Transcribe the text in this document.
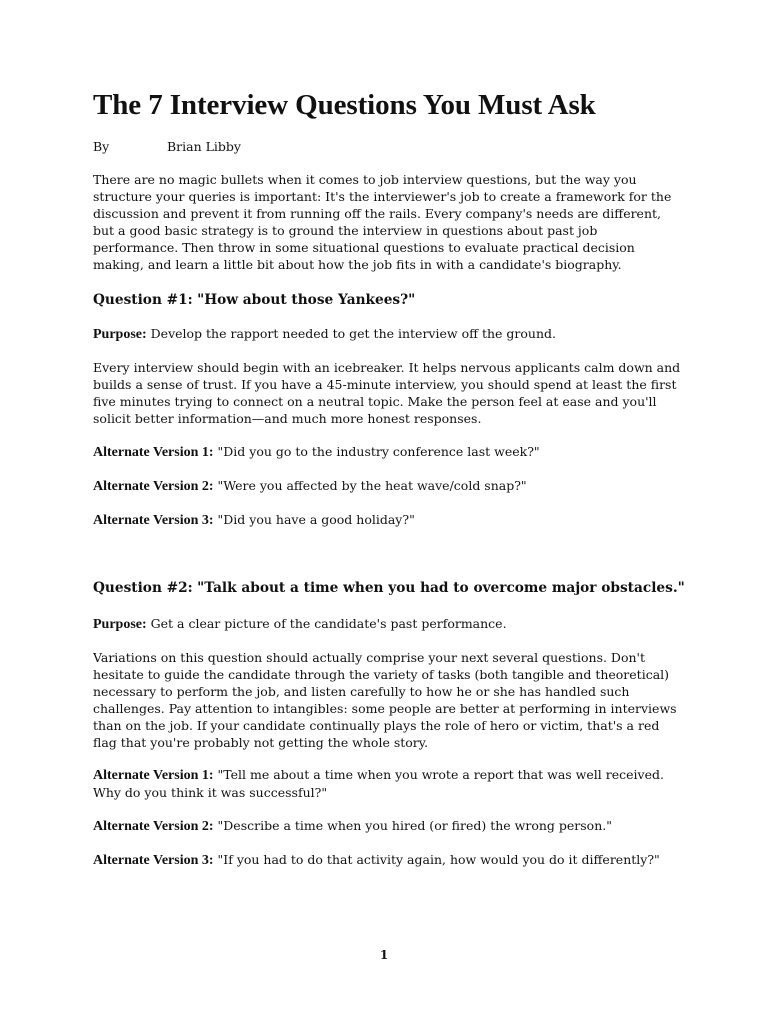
The 7 Interview Questions You Must Ask
By	Brian Libby

There are no magic bullets when it comes to job interview questions, but the way you structure your queries is important: It's the interviewer's job to create a framework for the discussion and prevent it from running off the rails. Every company's needs are different, but a good basic strategy is to ground the interview in questions about past job performance. Then throw in some situational questions to evaluate practical decision making, and learn a little bit about how the job fits in with a candidate's biography.

Question #1: "How about those Yankees?"

Purpose: Develop the rapport needed to get the interview off the ground.

Every interview should begin with an icebreaker. It helps nervous applicants calm down and builds a sense of trust. If you have a 45-minute interview, you should spend at least the first five minutes trying to connect on a neutral topic. Make the person feel at ease and you'll solicit better information—and much more honest responses.

Alternate Version 1: "Did you go to the industry conference last week?"

Alternate Version 2: "Were you affected by the heat wave/cold snap?"

Alternate Version 3: "Did you have a good holiday?"

Question #2: "Talk about a time when you had to overcome major obstacles."

Purpose: Get a clear picture of the candidate's past performance.

Variations on this question should actually comprise your next several questions. Don't hesitate to guide the candidate through the variety of tasks (both tangible and theoretical) necessary to perform the job, and listen carefully to how he or she has handled such challenges. Pay attention to intangibles: some people are better at performing in interviews than on the job. If your candidate continually plays the role of hero or victim, that's a red flag that you're probably not getting the whole story.

Alternate Version 1: "Tell me about a time when you wrote a report that was well received. Why do you think it was successful?"

Alternate Version 2: "Describe a time when you hired (or fired) the wrong person."

Alternate Version 3: "If you had to do that activity again, how would you do it differently?"

1
